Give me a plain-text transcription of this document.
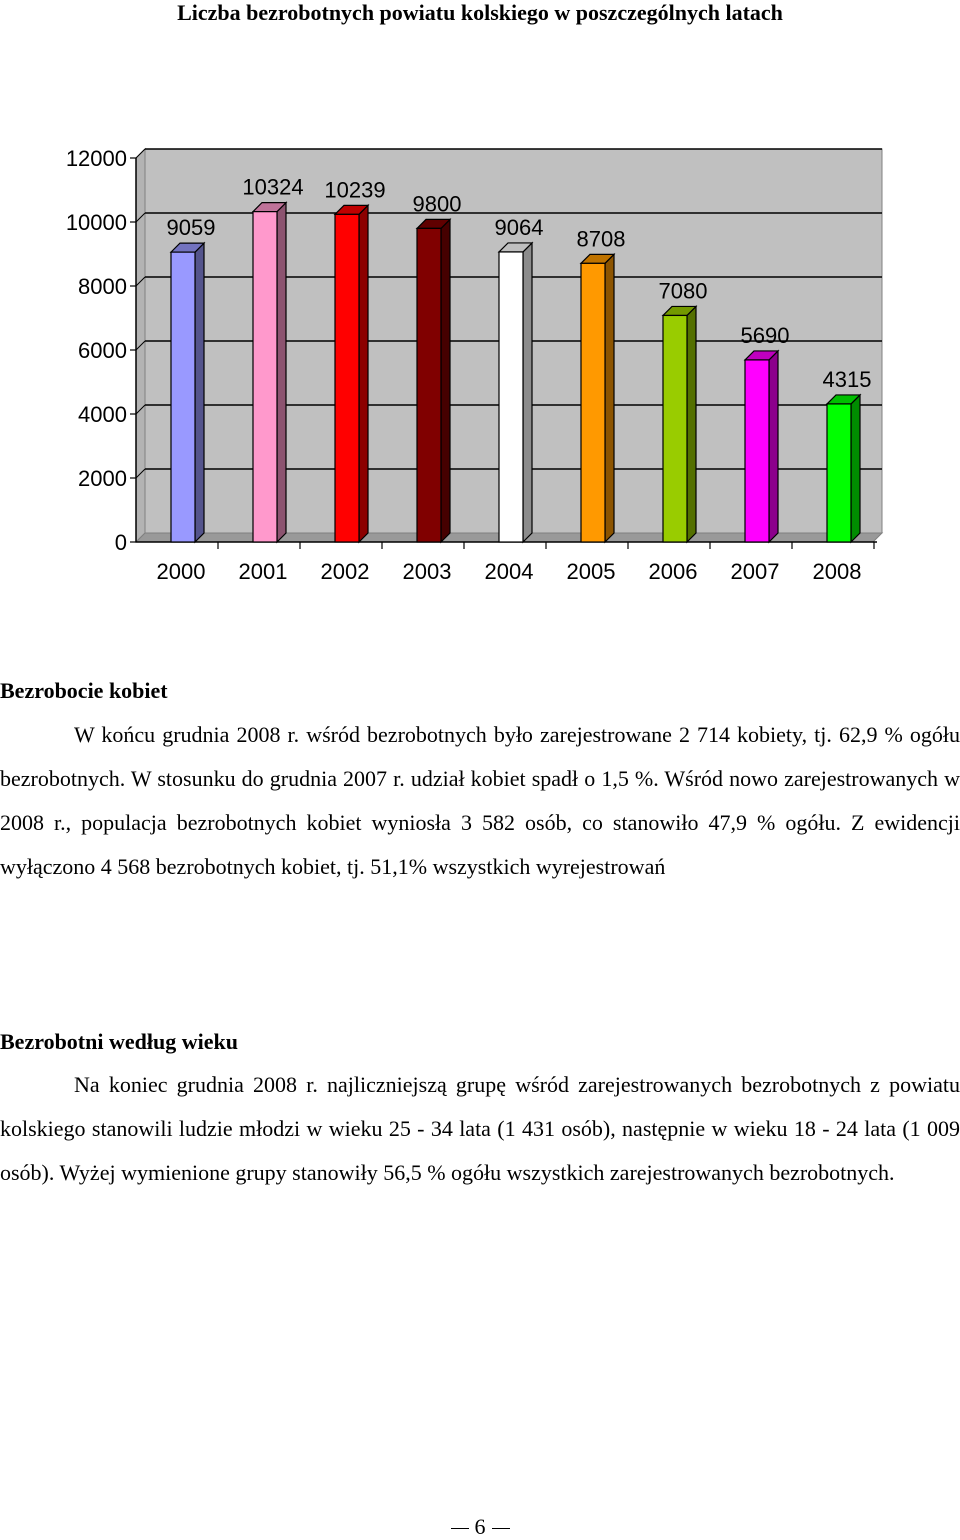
Liczba bezrobotnych powiatu kolskiego w poszczególnych latach
0
2000
4000
6000
8000
10000
12000
2000
9059
2001
10324
2002
10239
2003
9800
2004
9064
2005
8708
2006
7080
2007
5690
2008
4315
Bezrobocie kobiet

W końcu grudnia 2008 r. wśród bezrobotnych było zarejestrowane 2 714 kobiety, tj. 62,9 % ogółu bezrobotnych. W stosunku do grudnia 2007 r. udział kobiet spadł o 1,5 %. Wśród nowo zarejestrowanych w 2008 r., populacja bezrobotnych kobiet wyniosła 3 582 osób, co stanowiło 47,9 % ogółu. Z ewidencji wyłączono 4 568 bezrobotnych kobiet, tj. 51,1% wszystkich wyrejestrowań

Bezrobotni według wieku

Na koniec grudnia 2008 r. najliczniejszą grupę wśród zarejestrowanych bezrobotnych z powiatu kolskiego stanowili ludzie młodzi w wieku 25 - 34 lata (1 431 osób), następnie w wieku 18 - 24 lata (1 009 osób). Wyżej wymienione grupy stanowiły 56,5 % ogółu wszystkich zarejestrowanych bezrobotnych.

6
